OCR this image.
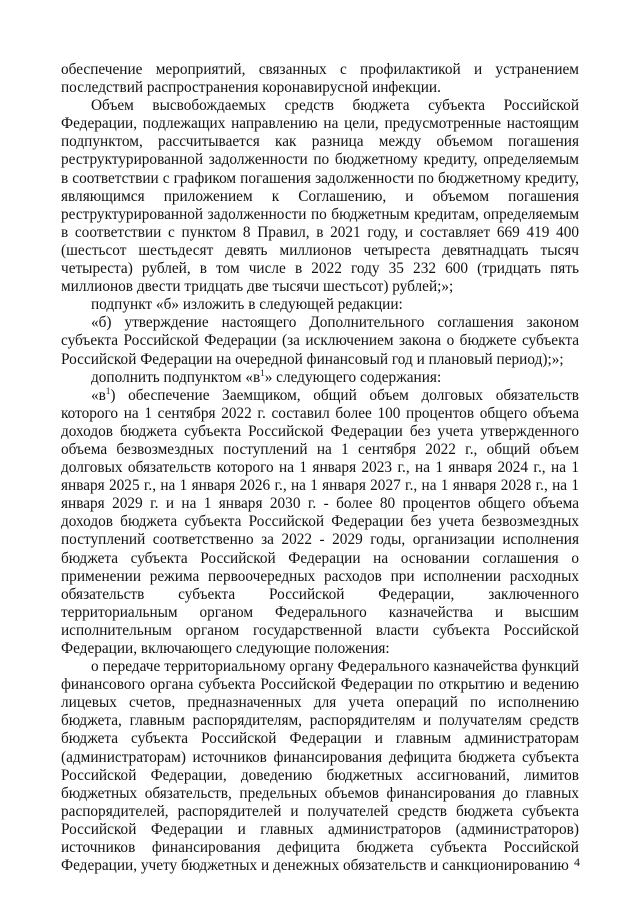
обеспечение мероприятий, связанных с профилактикой и устранением последствий распространения коронавирусной инфекции.

Объем высвобождаемых средств бюджета субъекта Российской Федерации, подлежащих направлению на цели, предусмотренные настоящим подпунктом, рассчитывается как разница между объемом погашения реструктурированной задолженности по бюджетному кредиту, определяемым в соответствии с графиком погашения задолженности по бюджетному кредиту, являющимся приложением к Соглашению, и объемом погашения реструктурированной задолженности по бюджетным кредитам, определяемым в соответствии с пунктом 8 Правил, в 2021 году, и составляет 669 419 400 (шестьсот шестьдесят девять миллионов четыреста девятнадцать тысяч четыреста) рублей, в том числе в 2022 году 35 232 600 (тридцать пять миллионов двести тридцать две тысячи шестьсот) рублей;»;

подпункт «б» изложить в следующей редакции:

«б) утверждение настоящего Дополнительного соглашения законом субъекта Российской Федерации (за исключением закона о бюджете субъекта Российской Федерации на очередной финансовый год и плановый период);»;

дополнить подпунктом «$в^1$» следующего содержания:

«$в^1$) обеспечение Заемщиком, общий объем долговых обязательств которого на 1 сентября 2022 г. составил более 100 процентов общего объема доходов бюджета субъекта Российской Федерации без учета утвержденного объема безвозмездных поступлений на 1 сентября 2022 г., общий объем долговых обязательств которого на 1 января 2023 г., на 1 января 2024 г., на 1 января 2025 г., на 1 января 2026 г., на 1 января 2027 г., на 1 января 2028 г., на 1 января 2029 г. и на 1 января 2030 г. - более 80 процентов общего объема доходов бюджета субъекта Российской Федерации без учета безвозмездных поступлений соответственно за 2022 - 2029 годы, организации исполнения бюджета субъекта Российской Федерации на основании соглашения о применении режима первоочередных расходов при исполнении расходных обязательств субъекта Российской Федерации, заключенного территориальным органом Федерального казначейства и высшим исполнительным органом государственной власти субъекта Российской Федерации, включающего следующие положения:

о передаче территориальному органу Федерального казначейства функций финансового органа субъекта Российской Федерации по открытию и ведению лицевых счетов, предназначенных для учета операций по исполнению бюджета, главным распорядителям, распорядителям и получателям средств бюджета субъекта Российской Федерации и главным администраторам (администраторам) источников финансирования дефицита бюджета субъекта Российской Федерации, доведению бюджетных ассигнований, лимитов бюджетных обязательств, предельных объемов финансирования до главных распорядителей, распорядителей и получателей средств бюджета субъекта Российской Федерации и главных администраторов (администраторов) источников финансирования дефицита бюджета субъекта Российской Федерации, учету бюджетных и денежных обязательств и санкционированию 4
